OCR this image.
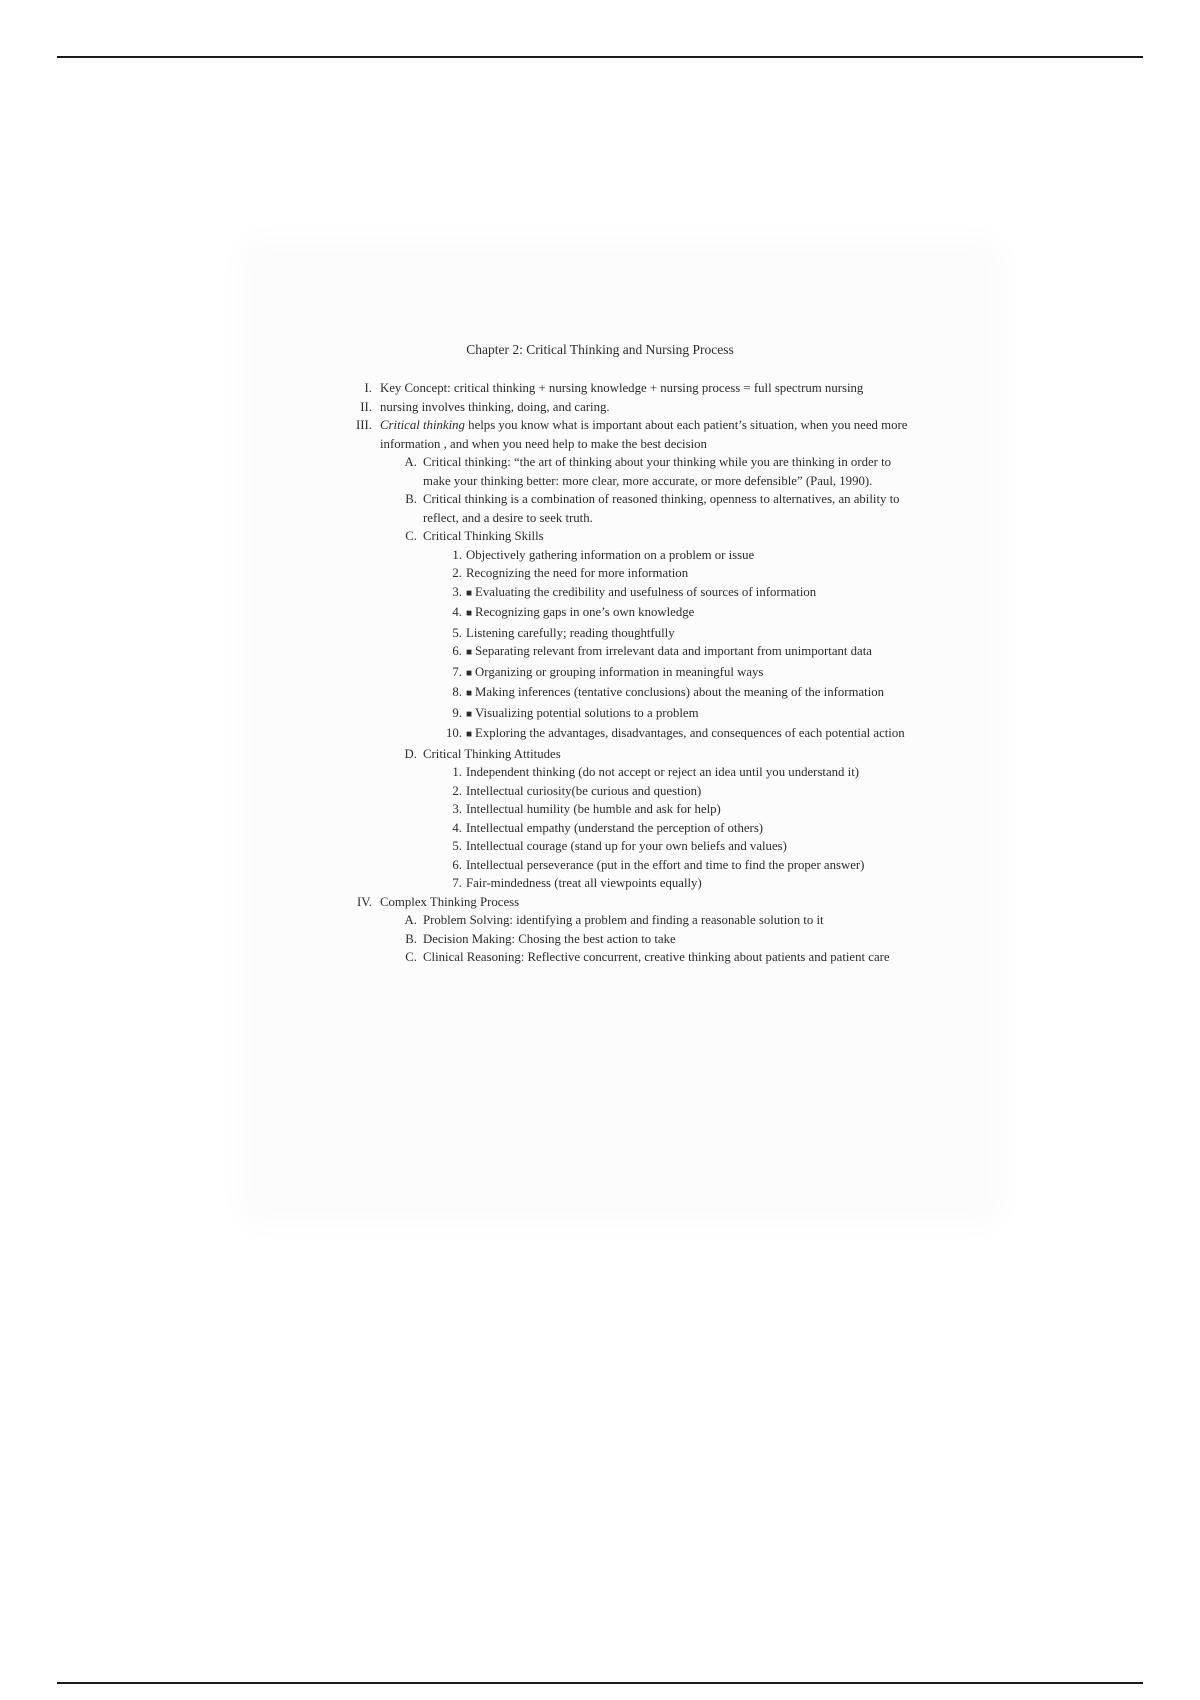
Chapter 2: Critical Thinking and Nursing Process
I. Key Concept: critical thinking + nursing knowledge + nursing process = full spectrum nursing
II. nursing involves thinking, doing, and caring.
III. Critical thinking helps you know what is important about each patient’s situation, when you need more information , and when you need help to make the best decision
A. Critical thinking: “the art of thinking about your thinking while you are thinking in order to make your thinking better: more clear, more accurate, or more defensible” (Paul, 1990).
B. Critical thinking is a combination of reasoned thinking, openness to alternatives, an ability to reflect, and a desire to seek truth.
C. Critical Thinking Skills
1. Objectively gathering information on a problem or issue
2. Recognizing the need for more information
3. ■ Evaluating the credibility and usefulness of sources of information
4. ■ Recognizing gaps in one’s own knowledge
5. Listening carefully; reading thoughtfully
6. ■ Separating relevant from irrelevant data and important from unimportant data
7. ■ Organizing or grouping information in meaningful ways
8. ■ Making inferences (tentative conclusions) about the meaning of the information
9. ■ Visualizing potential solutions to a problem
10. ■ Exploring the advantages, disadvantages, and consequences of each potential action
D. Critical Thinking Attitudes
1. Independent thinking (do not accept or reject an idea until you understand it)
2. Intellectual curiosity(be curious and question)
3. Intellectual humility (be humble and ask for help)
4. Intellectual empathy (understand the perception of others)
5. Intellectual courage (stand up for your own beliefs and values)
6. Intellectual perseverance (put in the effort and time to find the proper answer)
7. Fair-mindedness (treat all viewpoints equally)
IV. Complex Thinking Process
A. Problem Solving: identifying a problem and finding a reasonable solution to it
B. Decision Making: Chosing the best action to take
C. Clinical Reasoning: Reflective concurrent, creative thinking about patients and patient care
